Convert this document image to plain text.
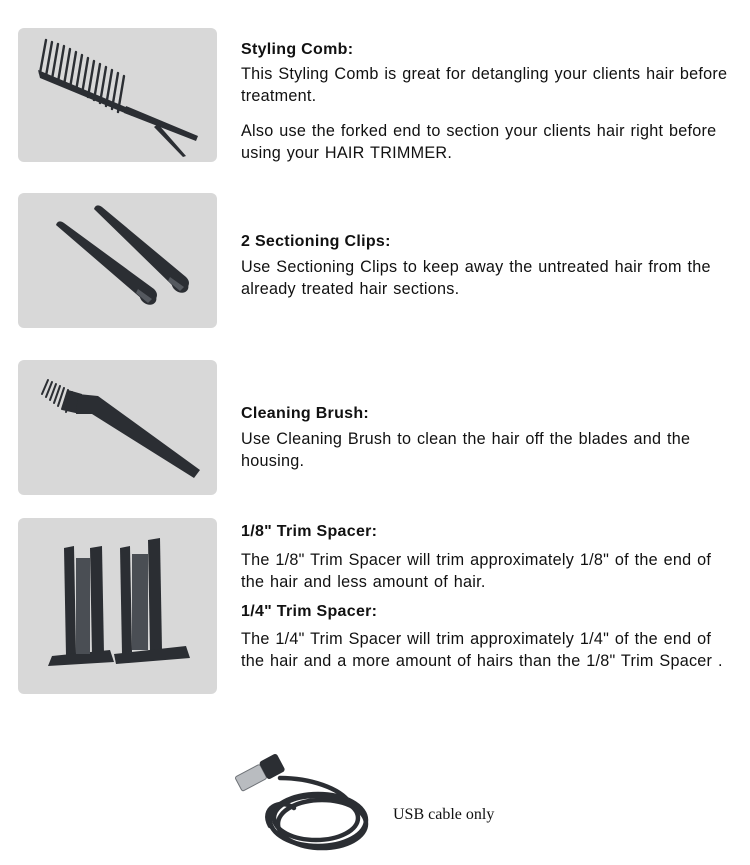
Styling Comb:

This Styling Comb is great for detangling your clients hair before treatment.

Also use the forked end to section your clients hair right before using your HAIR TRIMMER.

2 Sectioning Clips:

Use Sectioning Clips to keep away the untreated hair from the already treated hair sections.

Cleaning Brush:

Use Cleaning Brush to clean the hair off the blades and the housing.

1/8" Trim Spacer:

The 1/8" Trim Spacer will trim approximately 1/8" of the end of the hair and less amount of hair.

1/4" Trim Spacer:

The 1/4" Trim Spacer will trim approximately 1/4" of the end of the hair and a more amount of hairs than the 1/8" Trim Spacer .

USB cable only
